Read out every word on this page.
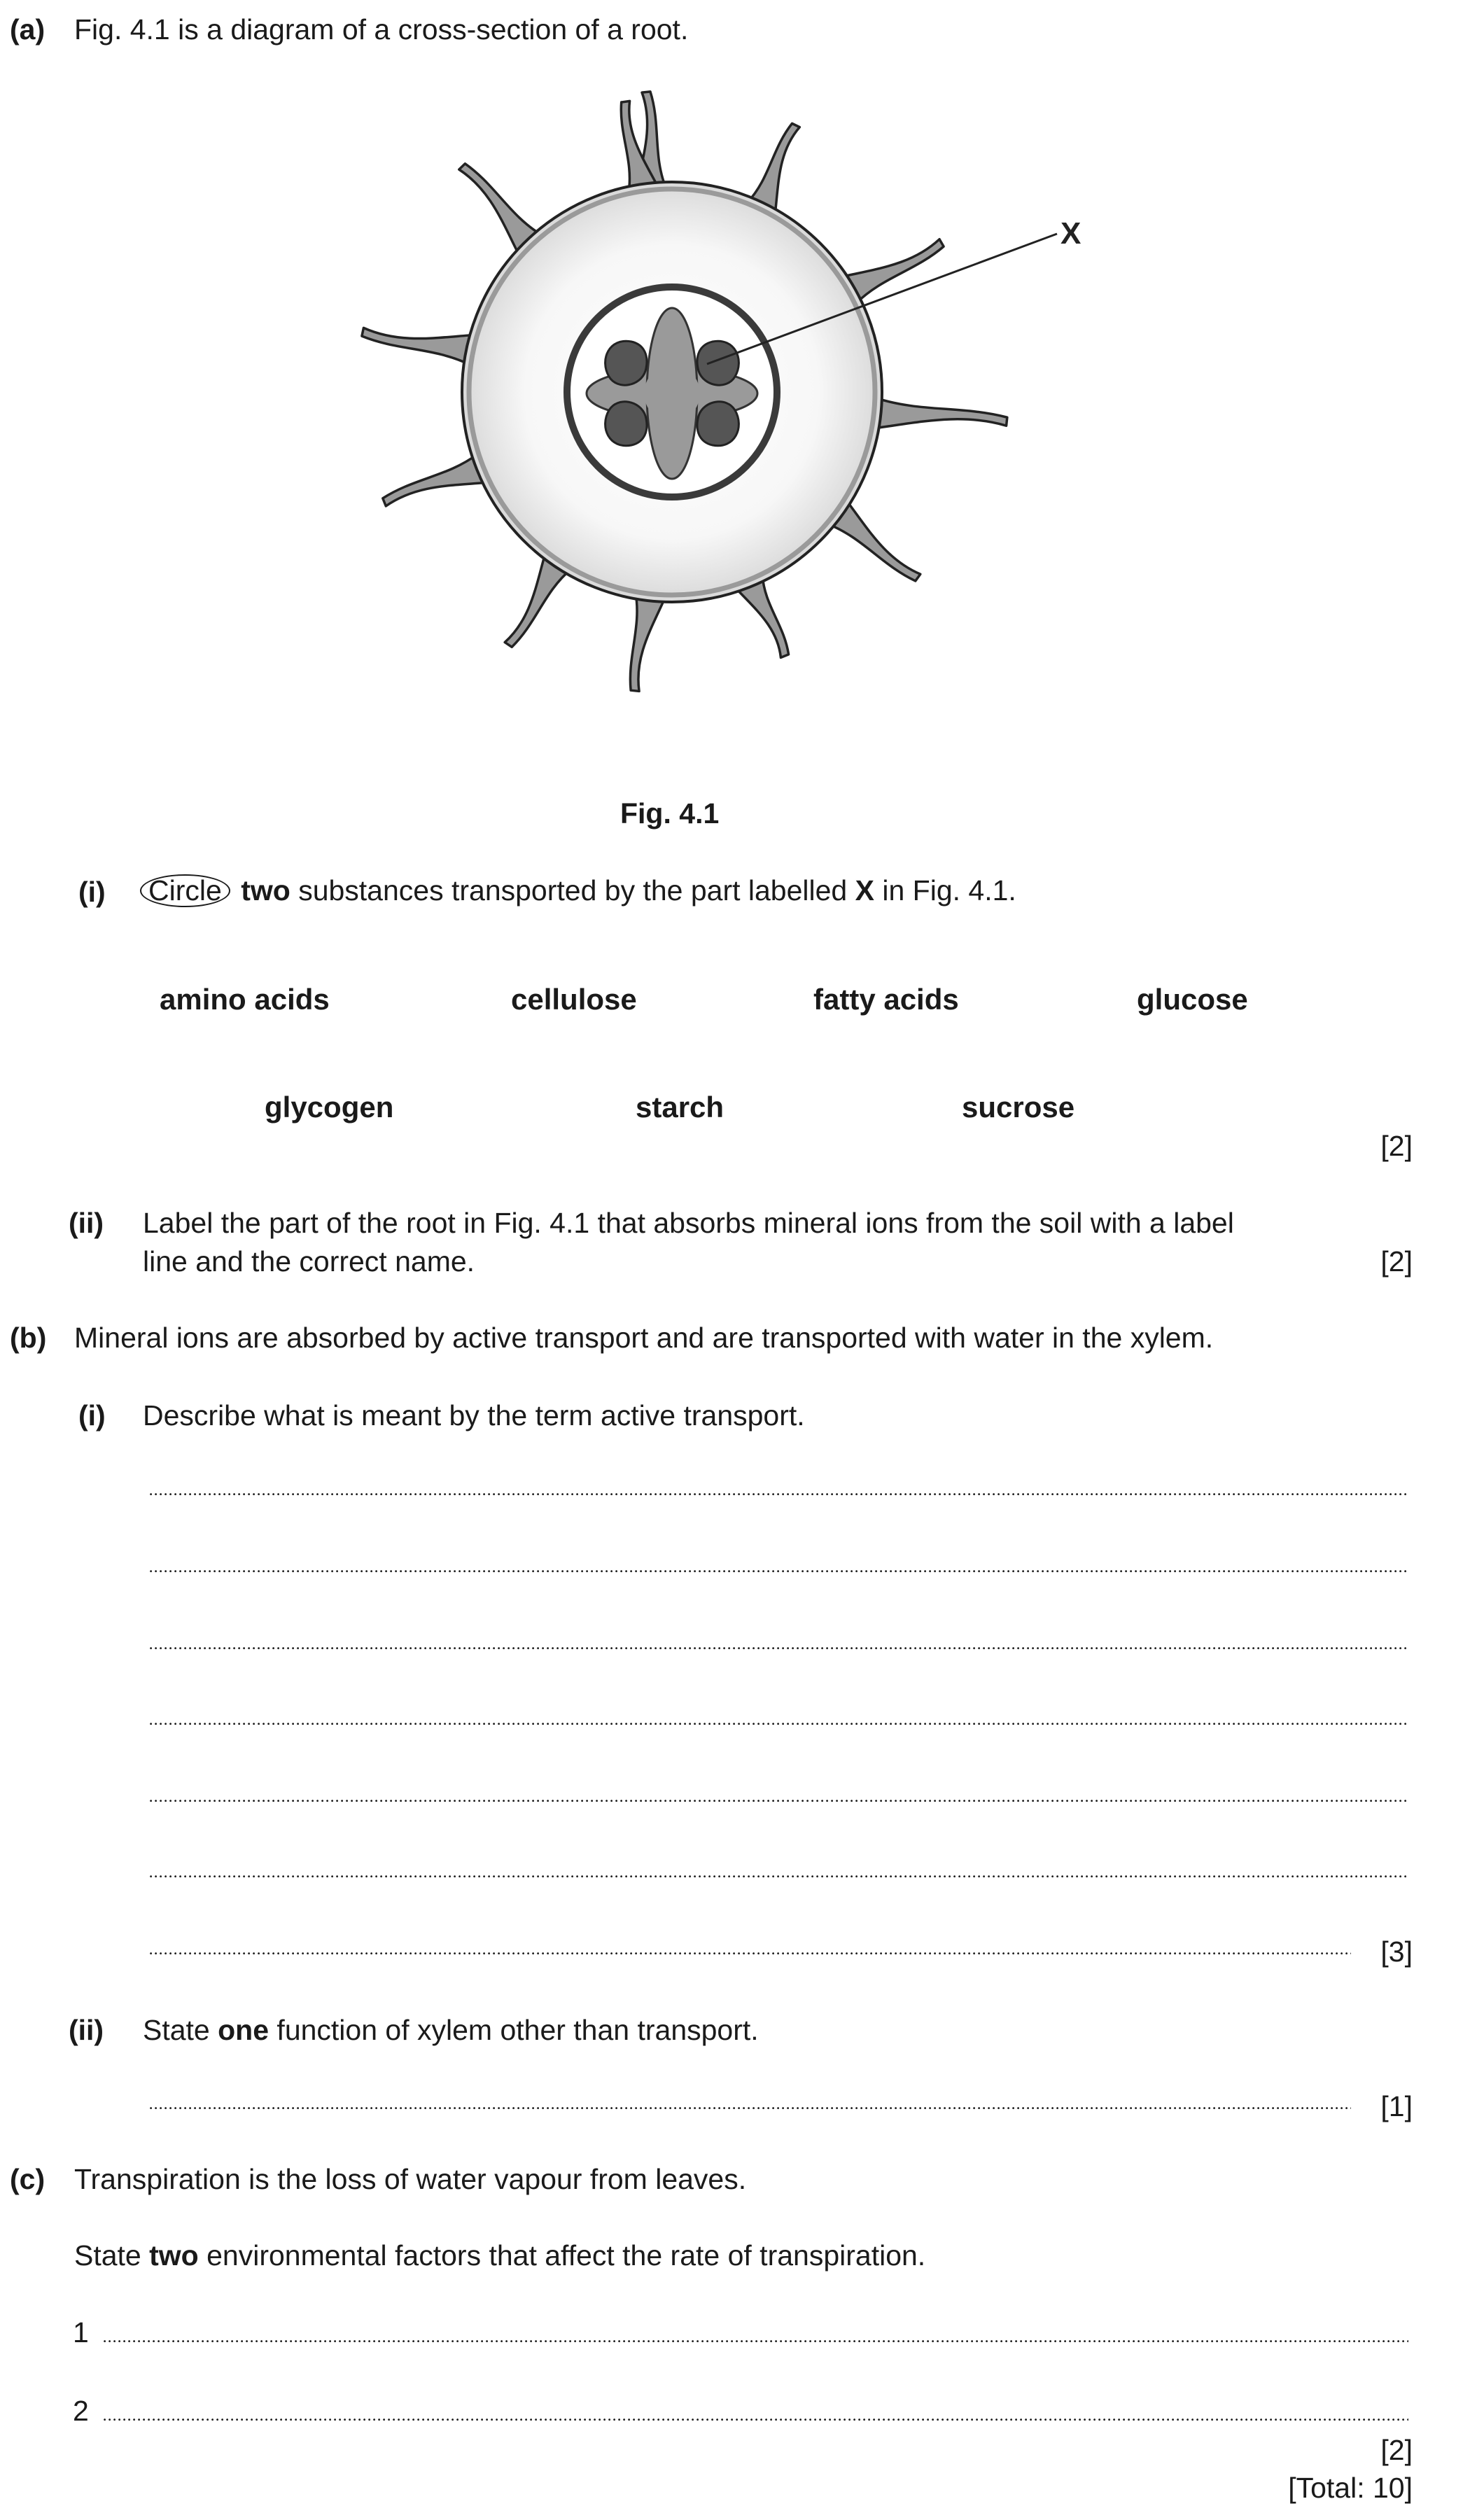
(a) Fig. 4.1 is a diagram of a cross-section of a root.
X
Fig. 4.1
(i) Circle two substances transported by the part labelled X in Fig. 4.1.
amino acids	cellulose	fatty acids	glucose
glycogen	starch	sucrose
[2]
(ii) Label the part of the root in Fig. 4.1 that absorbs mineral ions from the soil with a label
line and the correct name.	[2]
(b) Mineral ions are absorbed by active transport and are transported with water in the xylem.
(i) Describe what is meant by the term active transport.
[3]
(ii) State one function of xylem other than transport.
[1]
(c) Transpiration is the loss of water vapour from leaves.
State two environmental factors that affect the rate of transpiration.
1
2
[2]
[Total: 10]
